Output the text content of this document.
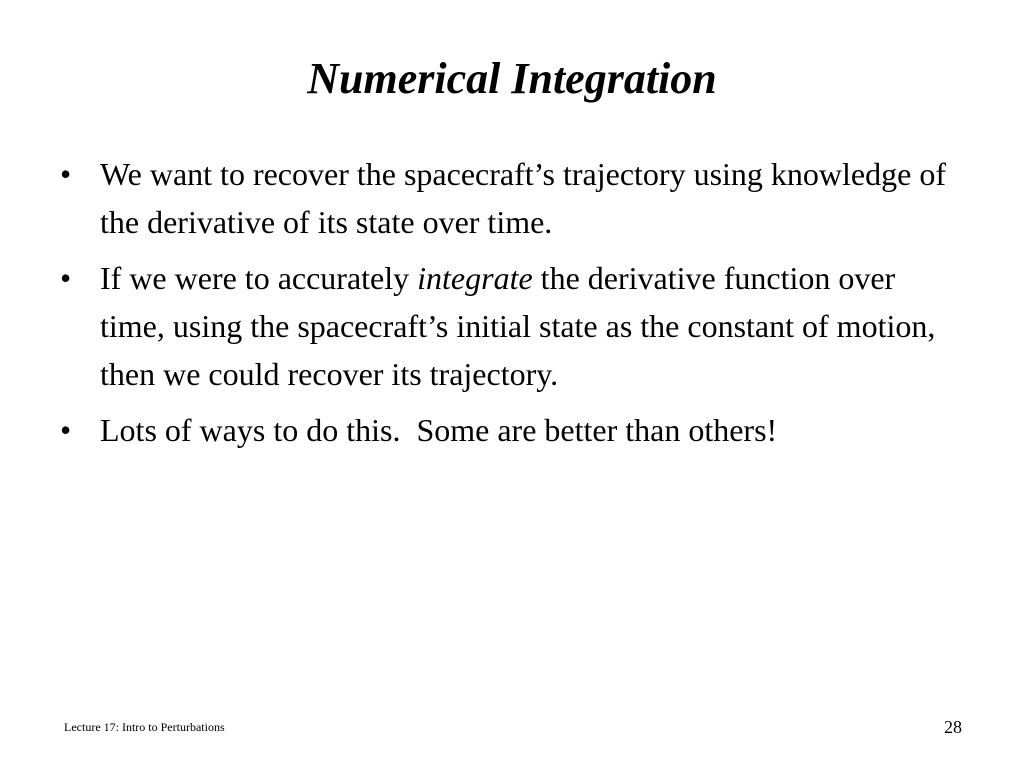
Numerical Integration
• We want to recover the spacecraft’s trajectory using knowledge of the derivative of its state over time.
• If we were to accurately integrate the derivative function over time, using the spacecraft’s initial state as the constant of motion, then we could recover its trajectory.
• Lots of ways to do this.  Some are better than others!
Lecture 17: Intro to Perturbations	28
